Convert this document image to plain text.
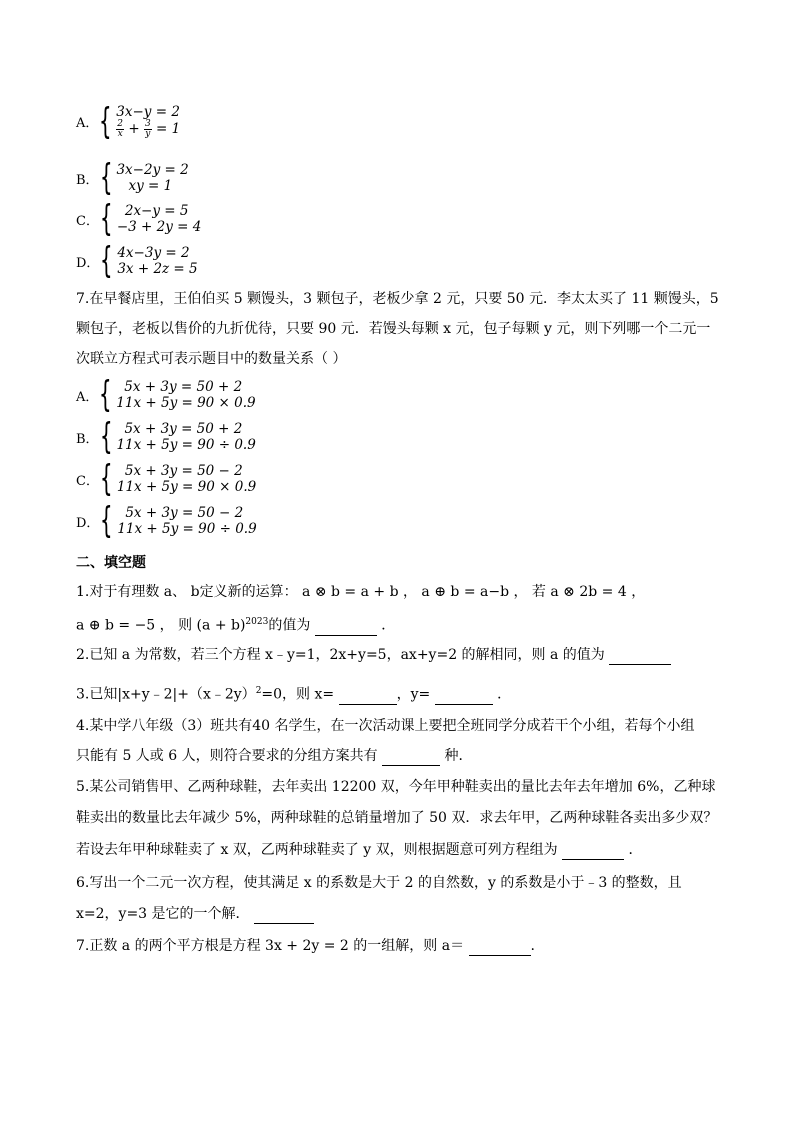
A． { 3x−y = 2
$\frac{2}{x} + \frac{3}{y} = 1$
B． { 3x−2y = 2
xy = 1
C． { 2x−y = 5
−3 + 2y = 4
D． { 4x−3y = 2
3x + 2z = 5
7.在早餐店里，王伯伯买 5 颗馒头，3 颗包子，老板少拿 2 元，只要 50 元．李太太买了 11 颗馒头，5
颗包子，老板以售价的九折优待，只要 90 元．若馒头每颗 x 元，包子每颗 y 元，则下列哪一个二元一
次联立方程式可表示题目中的数量关系（ ）
A． { 5x + 3y = 50 + 2
11x + 5y = 90 × 0.9
B． { 5x + 3y = 50 + 2
11x + 5y = 90 ÷ 0.9
C． { 5x + 3y = 50 − 2
11x + 5y = 90 × 0.9
D． { 5x + 3y = 50 − 2
11x + 5y = 90 ÷ 0.9
二、填空题
1.对于有理数 a、 b定义新的运算： a ⊗ b = a + b ， a ⊕ b = a−b ， 若 a ⊗ 2b = 4 ，
a ⊕ b = −5 ， 则 $(a + b)^{2023}$的值为	．
2.已知 a 为常数，若三个方程 x﹣y=1，2x+y=5，ax+y=2 的解相同，则 a 的值为
3.已知|x+y﹣2|+（x﹣2y）$^2$=0，则 x=	，y=	．
4.某中学八年级（3）班共有40 名学生，在一次活动课上要把全班同学分成若干个小组，若每个小组
只能有 5 人或 6 人，则符合要求的分组方案共有	种．
5.某公司销售甲、乙两种球鞋，去年卖出 12200 双，今年甲种鞋卖出的量比去年去年增加 6%，乙种球
鞋卖出的数量比去年减少 5%，两种球鞋的总销量增加了 50 双．求去年甲，乙两种球鞋各卖出多少双？
若设去年甲种球鞋卖了 x 双，乙两种球鞋卖了 y 双，则根据题意可列方程组为	．
6.写出一个二元一次方程，使其满足 x 的系数是大于 2 的自然数，y 的系数是小于﹣3 的整数，且
x=2，y=3 是它的一个解．
7.正数 a 的两个平方根是方程 3x + 2y = 2 的一组解，则 a＝	.
